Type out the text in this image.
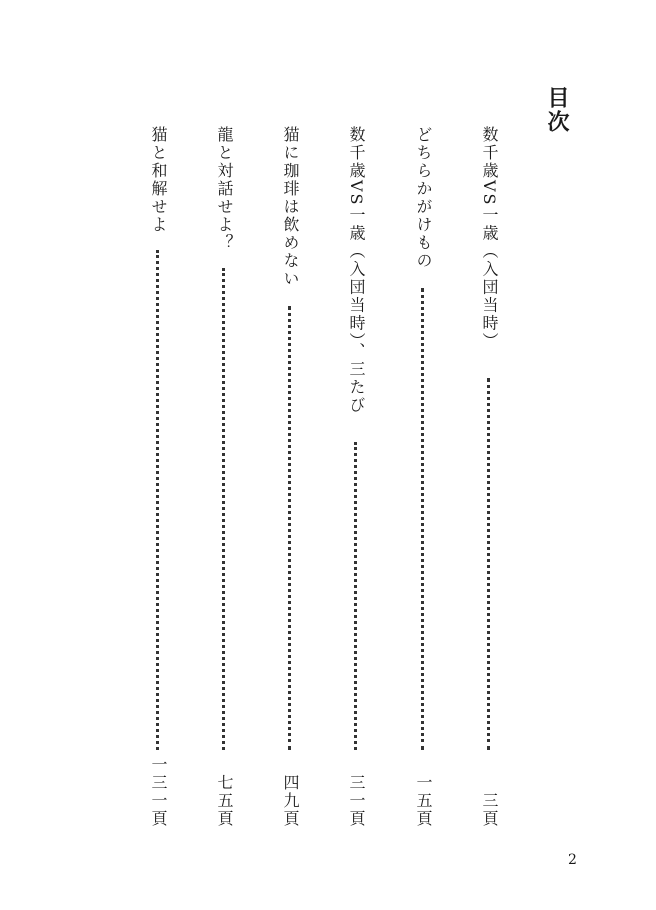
目次
数千歳VS一歳（入団当時）
三頁
どちらかがけもの
一五頁
数千歳VS一歳（入団当時）、三たび
三一頁
猫に珈琲は飲めない
四九頁
龍と対話せよ？
七五頁
猫と和解せよ
一三一頁
2
